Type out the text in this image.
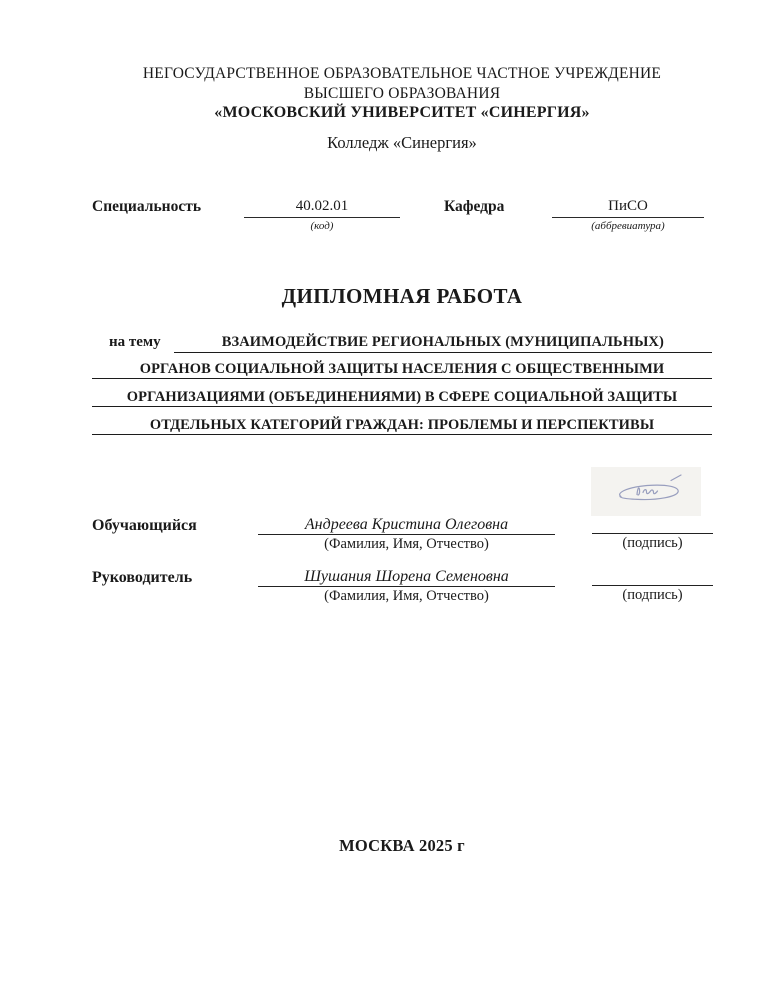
НЕГОСУДАРСТВЕННОЕ ОБРАЗОВАТЕЛЬНОЕ ЧАСТНОЕ УЧРЕЖДЕНИЕ
ВЫСШЕГО ОБРАЗОВАНИЯ
«МОСКОВСКИЙ УНИВЕРСИТЕТ «СИНЕРГИЯ»
Колледж «Синергия»
Специальность	40.02.01
(код)
Кафедра	ПиСО
(аббревиатура)
ДИПЛОМНАЯ РАБОТА
на тему	ВЗАИМОДЕЙСТВИЕ РЕГИОНАЛЬНЫХ (МУНИЦИПАЛЬНЫХ)
ОРГАНОВ СОЦИАЛЬНОЙ ЗАЩИТЫ НАСЕЛЕНИЯ С ОБЩЕСТВЕННЫМИ
ОРГАНИЗАЦИЯМИ (ОБЪЕДИНЕНИЯМИ) В СФЕРЕ СОЦИАЛЬНОЙ ЗАЩИТЫ
ОТДЕЛЬНЫХ КАТЕГОРИЙ ГРАЖДАН: ПРОБЛЕМЫ И ПЕРСПЕКТИВЫ
Обучающийся	Андреева Кристина Олеговна
(Фамилия, Имя, Отчество)	(подпись)
Руководитель	Шушания Шорена Семеновна
(Фамилия, Имя, Отчество)	(подпись)
МОСКВА 2025 г
